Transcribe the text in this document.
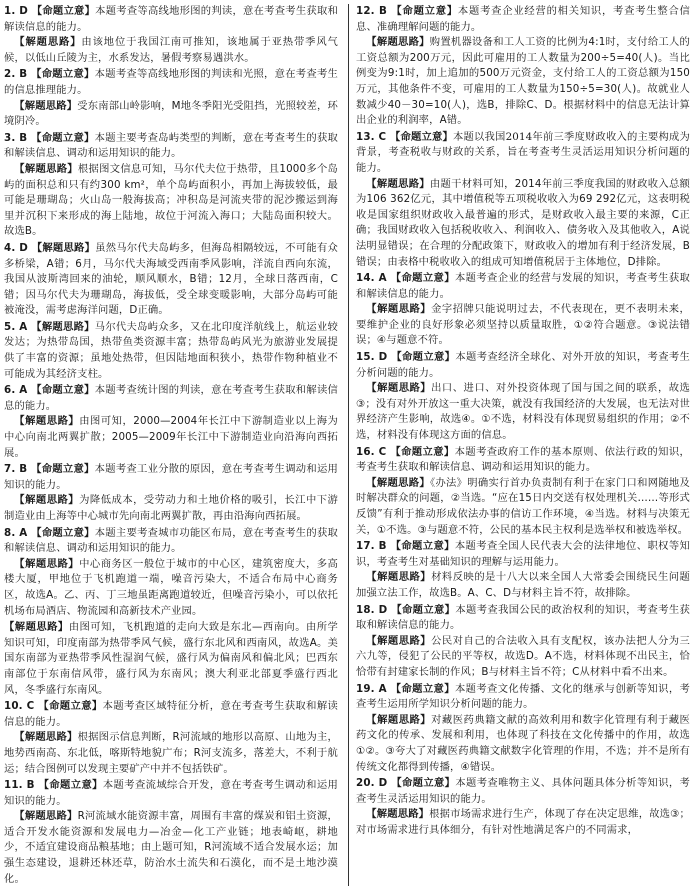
1. D 【命题立意】本题考查等高线地形图的判读，意在考查考生获取和解读信息的能力。
【解题思路】由该地位于我国江南可推知，该地属于亚热带季风气候，以低山丘陵为主，水系发达，暑假考察易遇洪水。
2. B 【命题立意】本题考查等高线地形图的判读和光照，意在考查考生的信息推理能力。
【解题思路】受东南部山岭影响，M地冬季阳光受阻挡，光照较差，环境阴冷。
3. B 【命题立意】本题主要考查岛屿类型的判断，意在考查考生的获取和解读信息、调动和运用知识的能力。
【解题思路】根据图文信息可知，马尔代夫位于热带，且1000多个岛屿的面积总和只有约300 km²，单个岛屿面积小，再加上海拔较低，最可能是珊瑚岛；火山岛一般海拔高；冲积岛是河流夹带的泥沙搬运到海里并沉积下来形成的海上陆地，故位于河流入海口；大陆岛面积较大。故选B。
4. D 【解题思路】虽然马尔代夫岛屿多，但海岛相隔较远，不可能有众多桥梁，A错；6月，马尔代夫海域受西南季风影响，洋流自西向东流，我国从波斯湾回来的油轮，顺风顺水，B错；12月，全球日落西南，C错；因马尔代夫为珊瑚岛，海拔低，受全球变暖影响，大部分岛屿可能被淹没，需考虑海洋问题，D正确。
5. A 【解题思路】马尔代夫岛屿众多，又在北印度洋航线上，航运业较发达；为热带岛国，热带鱼类资源丰富；热带岛屿风光为旅游业发展提供了丰富的资源；虽地处热带，但因陆地面积狭小，热带作物种植业不可能成为其经济支柱。
6. A 【命题立意】本题考查统计图的判读，意在考查考生获取和解读信息的能力。
【解题思路】由图可知，2000—2004年长江中下游制造业以上海为中心向南北两翼扩散；2005—2009年长江中下游制造业向沿海向西拓展。
7. B 【命题立意】本题考查工业分散的原因，意在考查考生调动和运用知识的能力。
【解题思路】为降低成本，受劳动力和土地价格的吸引，长江中下游制造业由上海等中心城市先向南北两翼扩散，再由沿海向西拓展。
8. A 【命题立意】本题主要考查城市功能区布局，意在考查考生的获取和解读信息、调动和运用知识的能力。
【解题思路】中心商务区一般位于城市的中心区，建筑密度大，多高楼大厦，甲地位于飞机跑道一端，噪音污染大，不适合布局中心商务区，故选A。乙、丙、丁三地虽距离跑道较近，但噪音污染小，可以依托机场布局酒店、物流园和高新技术产业园。
【解题思路】由图可知，飞机跑道的走向大致是东北—西南向。由所学知识可知，印度南部为热带季风气候，盛行东北风和西南风，故选A。美国东南部为亚热带季风性湿润气候，盛行风为偏南风和偏北风；巴西东南部位于东南信风带，盛行风为东南风；澳大利亚北部夏季盛行西北风，冬季盛行东南风。
10. C 【命题立意】本题考查区域特征分析，意在考查考生获取和解读信息的能力。
【解题思路】根据图示信息判断，R河流域的地形以高原、山地为主，地势西南高、东北低，喀斯特地貌广布；R河支流多，落差大，不利于航运；结合图例可以发现主要矿产中并不包括铁矿。
11. B 【命题立意】本题考查流域综合开发，意在考查考生调动和运用知识的能力。
【解题思路】R河流域水能资源丰富，周围有丰富的煤炭和铝土资源，适合开发水能资源和发展电力—冶金—化工产业链；地表崎岖，耕地少，不适宜建设商品粮基地；由上题可知，R河流域不适合发展水运；加强生态建设，退耕还林还草，防治水土流失和石漠化，而不是土地沙漠化。
12. B 【命题立意】本题考查企业经营的相关知识，考查考生整合信息、准确理解问题的能力。
【解题思路】购置机器设备和工人工资的比例为4:1时，支付给工人的工资总额为200万元，因此可雇用的工人数量为200÷5=40(人)。当比例变为9:1时，加上追加的500万元资金，支付给工人的工资总额为150万元，其他条件不变，可雇用的工人数量为150÷5=30(人)。故就业人数减少40－30=10(人)，选B，排除C、D。根据材料中的信息无法计算出企业的利润率，A错。
13. C 【命题立意】本题以我国2014年前三季度财政收入的主要构成为背景，考查税收与财政的关系，旨在考查考生灵活运用知识分析问题的能力。
【解题思路】由题干材料可知，2014年前三季度我国的财政收入总额为106 362亿元，其中增值税等五项税收收入为69 292亿元，这表明税收是国家组织财政收入最普遍的形式，是财政收入最主要的来源，C正确；我国财政收入包括税收收入、利润收入、债务收入及其他收入，A说法明显错误；在合理的分配政策下，财政收入的增加有利于经济发展，B错误；由表格中税收收入的组成可知增值税居于主体地位，D排除。
14. A 【命题立意】本题考查企业的经营与发展的知识，考查考生获取和解读信息的能力。
【解题思路】金字招牌只能说明过去，不代表现在，更不表明未来，要维护企业的良好形象必须坚持以质量取胜，①②符合题意。③说法错误；④与题意不符。
15. D 【命题立意】本题考查经济全球化、对外开放的知识，考查考生分析问题的能力。
【解题思路】出口、进口、对外投资体现了国与国之间的联系，故选③；没有对外开放这一重大决策，就没有我国经济的大发展，也无法对世界经济产生影响，故选④。①不选，材料没有体现贸易组织的作用；②不选，材料没有体现这方面的信息。
16. C 【命题立意】本题考查政府工作的基本原则、依法行政的知识，考查考生获取和解读信息、调动和运用知识的能力。
【解题思路】《办法》明确实行首办负责制有利于在家门口和网随地及时解决群众的问题，②当选。“应在15日内交送有权处理机关……等形式反馈”有利于推动形成依法办事的信访工作环境，④当选。材料与决策无关，①不选。③与题意不符，公民的基本民主权利是选举权和被选举权。
17. B 【命题立意】本题考查全国人民代表大会的法律地位、职权等知识，考查考生对基础知识的理解与运用能力。
【解题思路】材料反映的是十八大以来全国人大常委会围绕民生问题加强立法工作，故选B。A、C、D与材料主旨不符，故排除。
18. D 【命题立意】本题考查我国公民的政治权利的知识，考查考生获取和解读信息的能力。
【解题思路】公民对自己的合法收入具有支配权，该办法把人分为三六九等，侵犯了公民的平等权，故选D。A不选，材料体现不出民主，恰恰带有封建家长制的作风；B与材料主旨不符；C从材料中看不出来。
19. A 【命题立意】本题考查文化传播、文化的继承与创新等知识，考查考生运用所学知识分析问题的能力。
【解题思路】对藏医药典籍文献的高效利用和数字化管理有利于藏医药文化的传承、发展和利用，也体现了科技在文化传播中的作用，故选①②。③夸大了对藏医药典籍文献数字化管理的作用，不选；并不是所有传统文化都得到传播，④错误。
20. D 【命题立意】本题考查唯物主义、具体问题具体分析等知识，考查考生灵活运用知识的能力。
【解题思路】根据市场需求进行生产，体现了存在决定思维，故选③；对市场需求进行具体细分，有针对性地满足客户的不同需求，
